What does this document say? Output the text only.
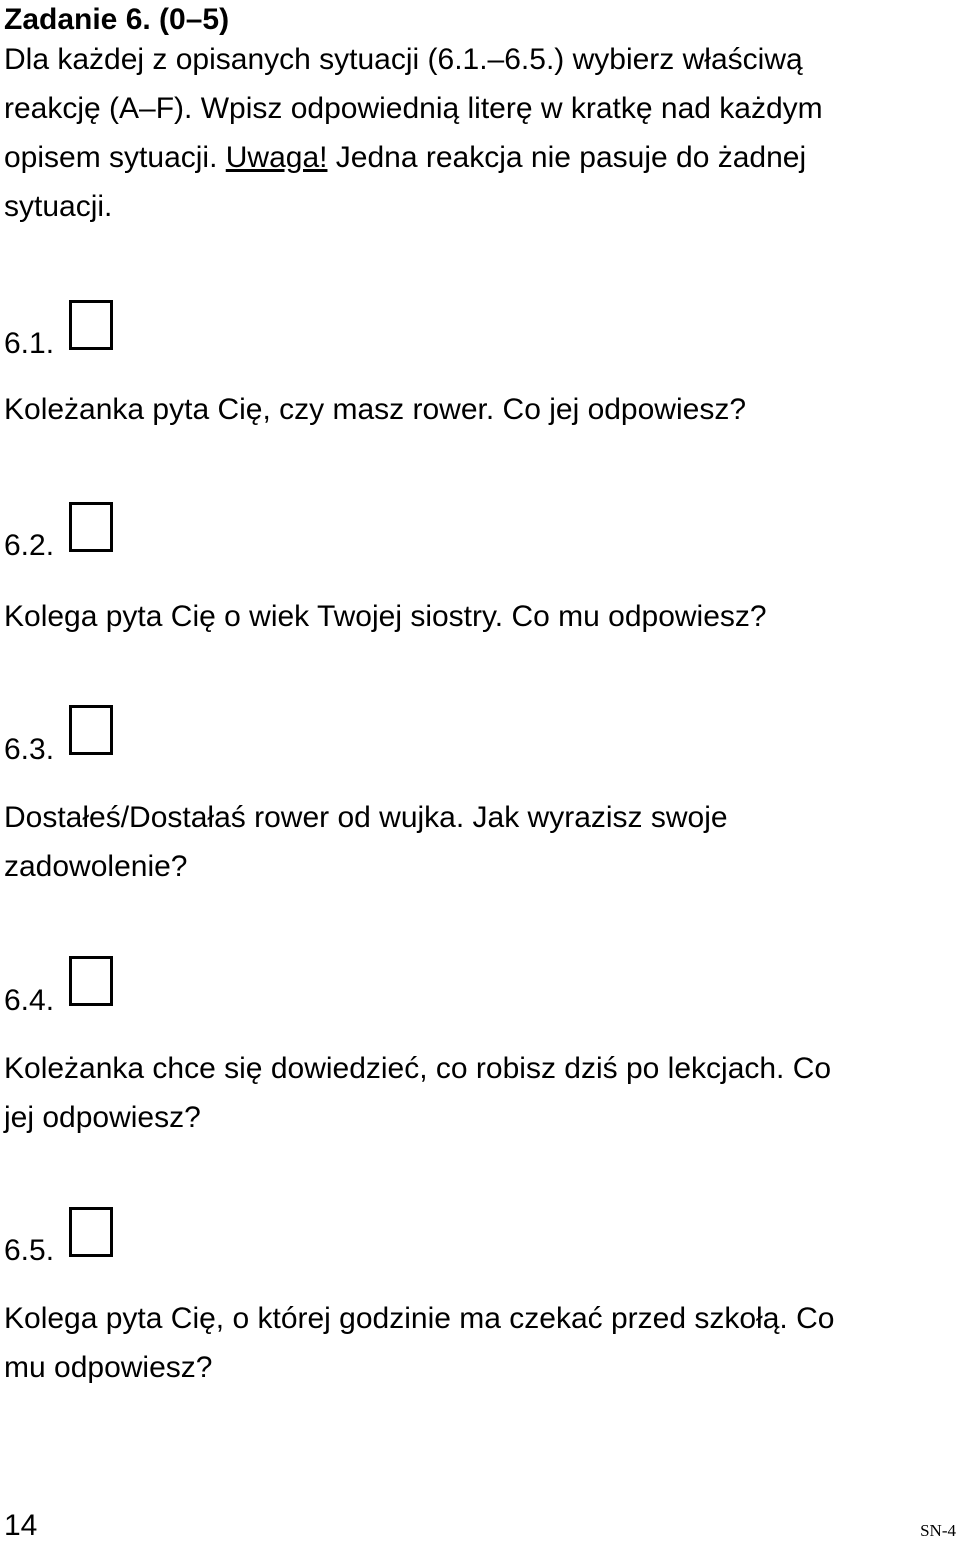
Zadanie 6. (0–5)
Dla każdej z opisanych sytuacji (6.1.–6.5.) wybierz właściwą
reakcję (A–F). Wpisz odpowiednią literę w kratkę nad każdym
opisem sytuacji. Uwaga! Jedna reakcja nie pasuje do żadnej
sytuacji.
6.1.
Koleżanka pyta Cię, czy masz rower. Co jej odpowiesz?
6.2.
Kolega pyta Cię o wiek Twojej siostry. Co mu odpowiesz?
6.3.
Dostałeś/Dostałaś rower od wujka. Jak wyrazisz swoje
zadowolenie?
6.4.
Koleżanka chce się dowiedzieć, co robisz dziś po lekcjach. Co
jej odpowiesz?
6.5.
Kolega pyta Cię, o której godzinie ma czekać przed szkołą. Co
mu odpowiesz?
14	SN-4
